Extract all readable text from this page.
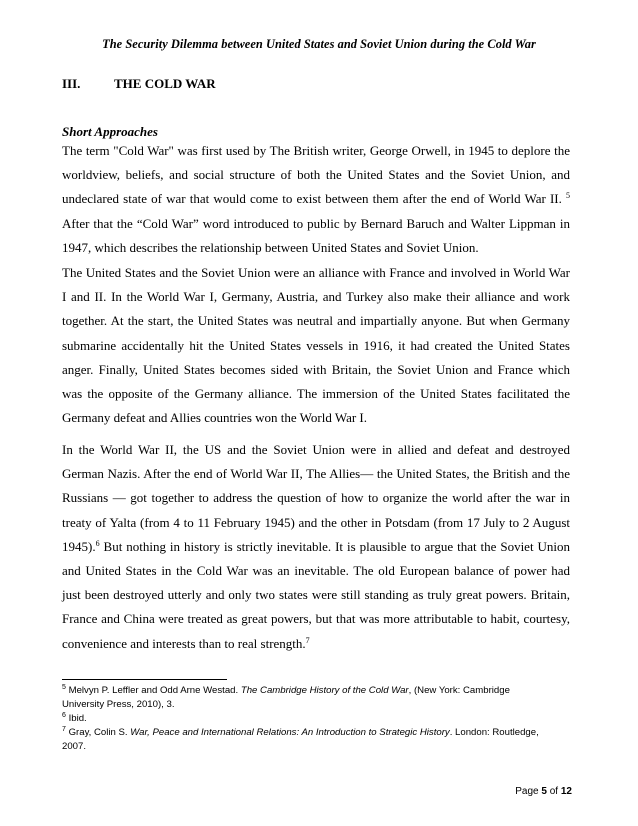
The Security Dilemma between United States and Soviet Union during the Cold War
III.	THE COLD WAR
Short Approaches
The term "Cold War" was first used by The British writer, George Orwell, in 1945 to deplore the
worldview, beliefs, and social structure of both the United States and the Soviet Union, and
undeclared state of war that would come to exist between them after the end of World War II. $^5$
After that the “Cold War” word introduced to public by Bernard Baruch and Walter Lippman in
1947, which describes the relationship between United States and Soviet Union.
The United States and the Soviet Union were an alliance with France and involved in World War
I and II. In the World War I, Germany, Austria, and Turkey also make their alliance and work
together. At the start, the United States was neutral and impartially anyone. But when Germany
submarine accidentally hit the United States vessels in 1916, it had created the United States
anger. Finally, United States becomes sided with Britain, the Soviet Union and France which
was the opposite of the Germany alliance. The immersion of the United States facilitated the
Germany defeat and Allies countries won the World War I.
In the World War II, the US and the Soviet Union were in allied and defeat and destroyed
German Nazis. After the end of World War II, The Allies— the United States, the British and the
Russians — got together to address the question of how to organize the world after the war in
treaty of Yalta (from 4 to 11 February 1945) and the other in Potsdam (from 17 July to 2 August
1945).$^6$ But nothing in history is strictly inevitable. It is plausible to argue that the Soviet Union
and United States in the Cold War was an inevitable. The old European balance of power had
just been destroyed utterly and only two states were still standing as truly great powers. Britain,
France and China were treated as great powers, but that was more attributable to habit, courtesy,
convenience and interests than to real strength.$^7$
$^5$ Melvyn P. Leffler and Odd Arne Westad. The Cambridge History of the Cold War, (New York: Cambridge
University Press, 2010), 3.
$^6$ Ibid.
$^7$ Gray, Colin S. War, Peace and International Relations: An Introduction to Strategic History. London: Routledge,
2007.
Page 5 of 12
